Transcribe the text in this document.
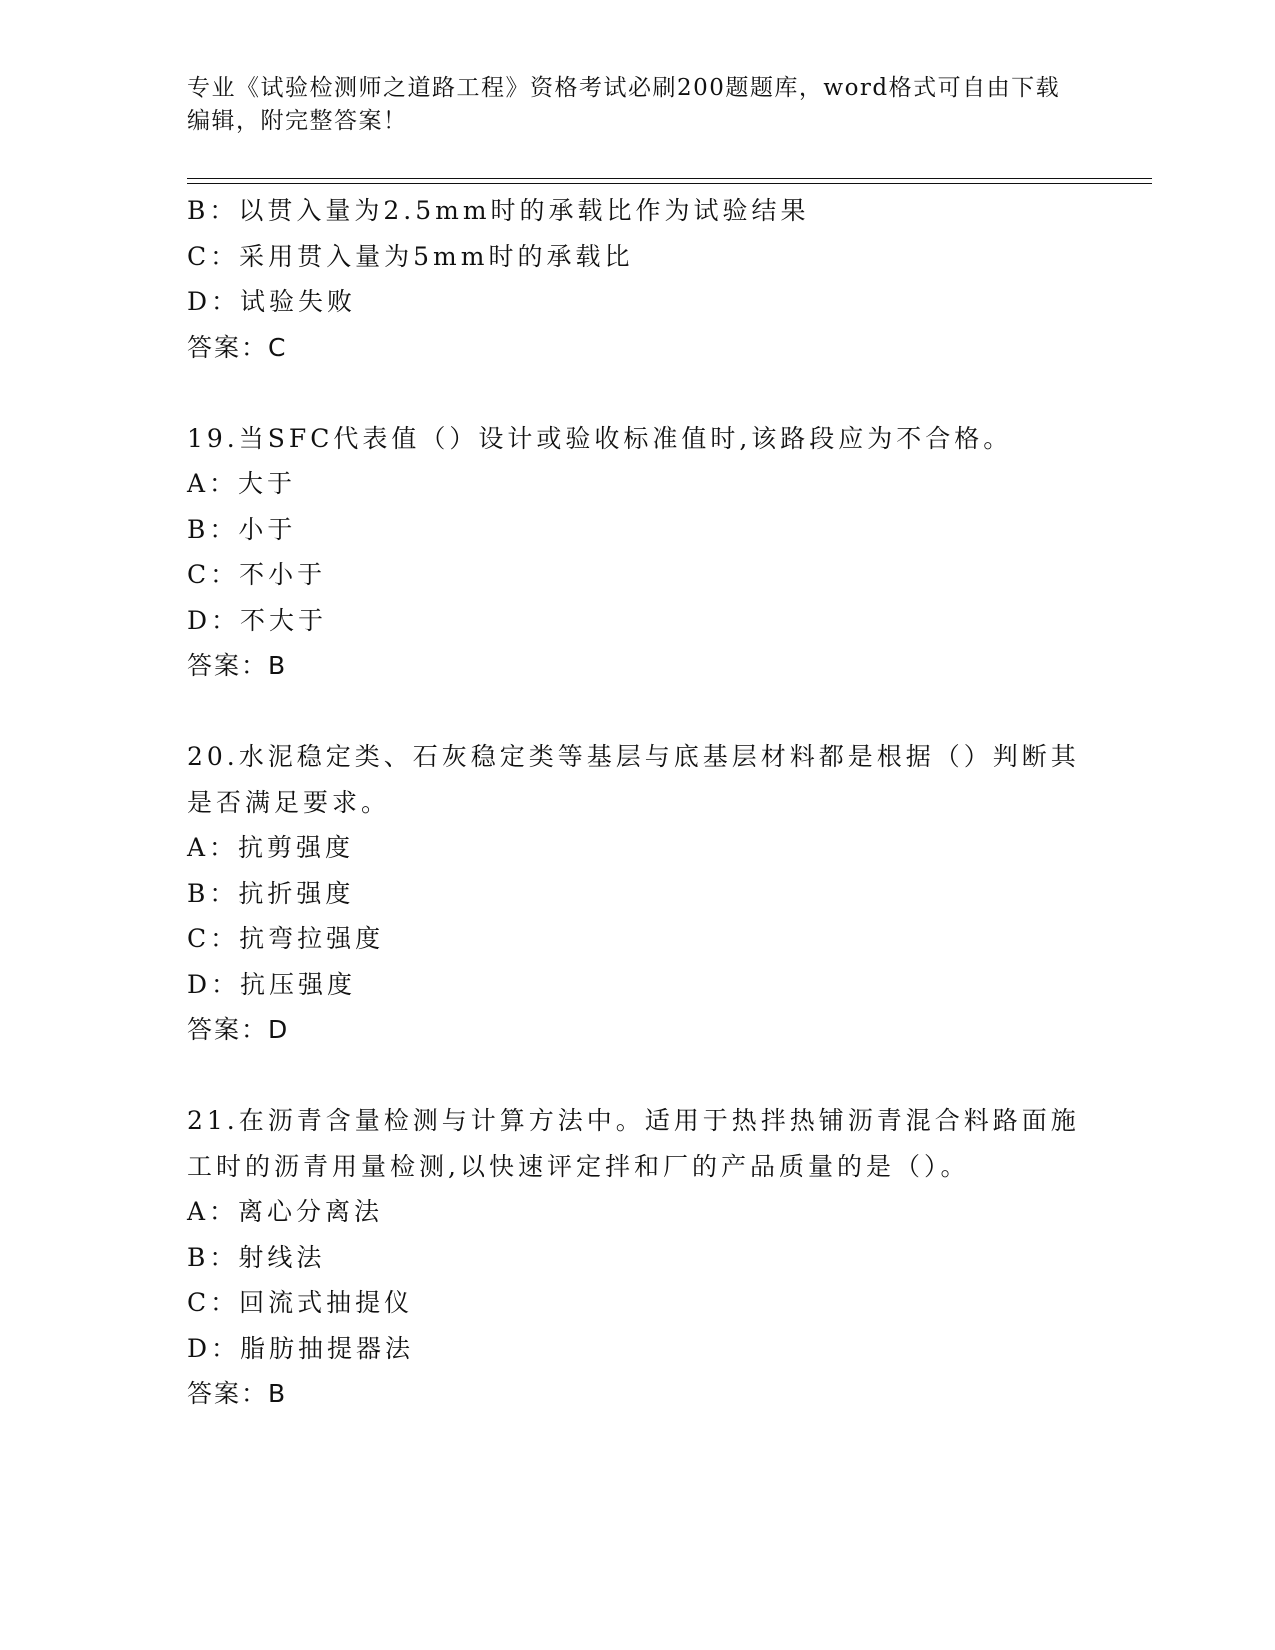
专业《试验检测师之道路工程》资格考试必刷200题题库，word格式可自由下载
编辑，附完整答案！
B：以贯入量为2.5mm时的承载比作为试验结果
C：采用贯入量为5mm时的承载比
D：试验失败
答案：C
19.当SFC代表值（）设计或验收标准值时,该路段应为不合格。
A：大于
B：小于
C：不小于
D：不大于
答案：B
20.水泥稳定类、石灰稳定类等基层与底基层材料都是根据（）判断其
是否满足要求。
A：抗剪强度
B：抗折强度
C：抗弯拉强度
D：抗压强度
答案：D
21.在沥青含量检测与计算方法中。适用于热拌热铺沥青混合料路面施
工时的沥青用量检测,以快速评定拌和厂的产品质量的是（）。
A：离心分离法
B：射线法
C：回流式抽提仪
D：脂肪抽提器法
答案：B
